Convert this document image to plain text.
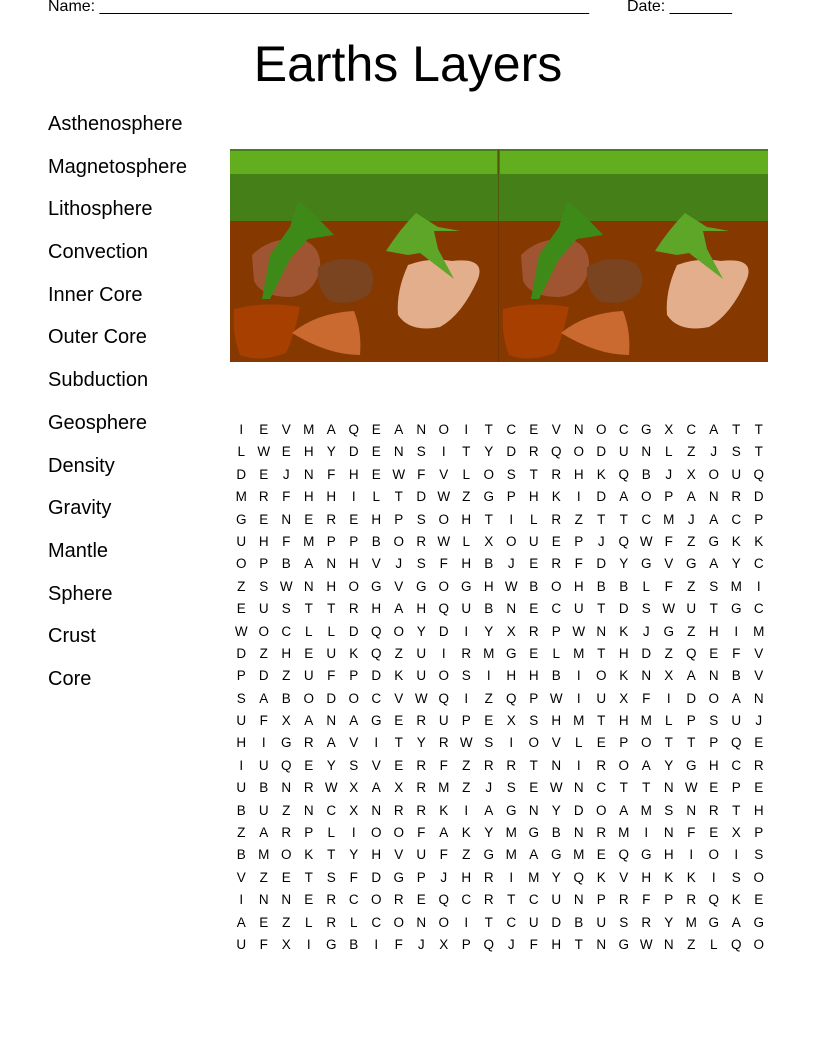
Name: _______________________________________________________ Date: _______
Earths Layers
Asthenosphere
Magnetosphere
Lithosphere
Convection
Inner Core
Outer Core
Subduction
Geosphere
Density
Gravity
Mantle
Sphere
Crust
Core
I	E V M A Q E A N O	I	T	C E V N O C G X C A	T	T
L W E H Y D E N S	I	T	Y D R Q O D U N	L	Z	J	S	T
D E	J	N	F	H E W F	V	L O S	T	R H K Q B	J	X O U Q
M R	F	H H	I	L	T	D W Z G P H K	I	D A O P A N R D
G E N E R E H P S O H	T	I	L	R	Z	T	T	C M	J	A C P
U H	F M P P B O R W L	X O U E P	J	Q W F	Z G K K
O P B A N H V	J	S	F	H B	J	E R	F	D Y G V G A Y C
Z	S W N H O G V G O G H W B O H B B	L	F	Z	S M	I
E U S	T	T	R H A H Q U B N E C U	T	D S W U	T G C
W O C	L	L	D Q O Y D	I	Y X R P W N K	J	G Z	H	I	M
D	Z	H E U K Q Z	U	I	R M G E	L M T	H D	Z Q E	F	V
P D	Z	U	F	P D K U O S	I	H H B	I	O K N X A N B V
S A B O D O C V W Q	I	Z Q P W	I	U X	F	I	D O A N
U	F	X A N A G E R U P E X S H M T	H M L	P S U	J
H	I	G R A V	I	T	Y R W S	I	O V	L	E P O T	T	P Q E
I	U Q E Y S V E R	F	Z	R R	T	N	I	R O A Y G H C R
U B N R W X A X R M Z	J	S E W N C	T	T	N W E P E
B U	Z	N C X N R R K	I	A G N Y D O A M S N R	T	H
Z	A R P	L	I	O O F	A K Y M G B N R M	I	N	F	E X P
B M O K	T	Y H V U	F	Z G M A G M E Q G H	I	O	I	S
V	Z	E	T	S	F	D G P	J	H R	I	M Y Q K V H K K	I	S O
I	N N E R C O R E Q C R	T	C U N P R	F	P R Q K E
A E	Z	L	R	L	C O N O	I	T	C U D B U S R Y M G A G
U	F	X	I	G B	I	F	J	X P Q	J	F	H	T	N G W N	Z	L Q O
